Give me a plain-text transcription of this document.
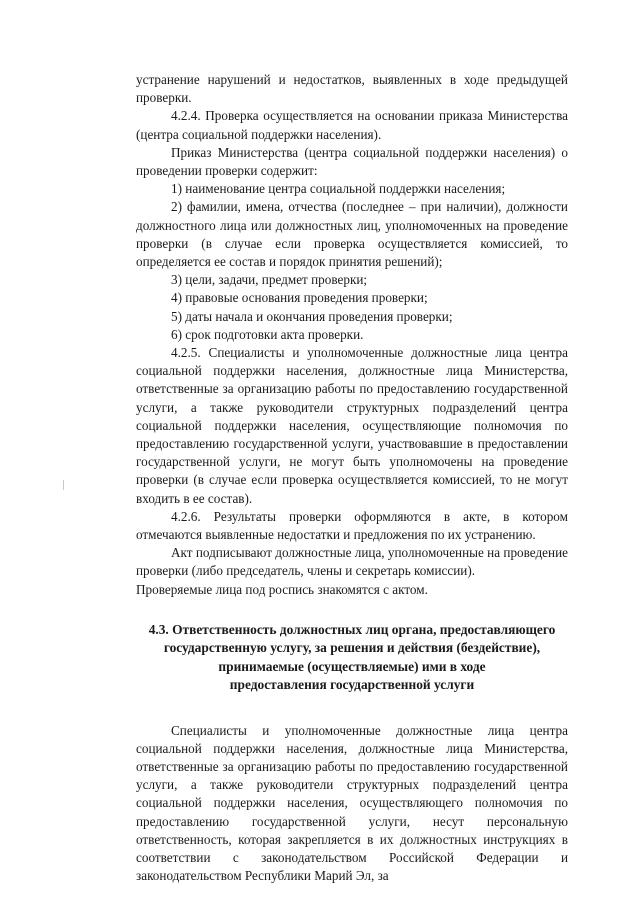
устранение нарушений и недостатков, выявленных в ходе предыдущей проверки.

4.2.4. Проверка осуществляется на основании приказа Министерства (центра социальной поддержки населения).

Приказ Министерства (центра социальной поддержки населения) о проведении проверки содержит:

1) наименование центра социальной поддержки населения;

2) фамилии, имена, отчества (последнее – при наличии), должности должностного лица или должностных лиц, уполномоченных на проведение проверки (в случае если проверка осуществляется комиссией, то определяется ее состав и порядок принятия решений);

3) цели, задачи, предмет проверки;

4) правовые основания проведения проверки;

5) даты начала и окончания проведения проверки;

6) срок подготовки акта проверки.

4.2.5. Специалисты и уполномоченные должностные лица центра социальной поддержки населения, должностные лица Министерства, ответственные за организацию работы по предоставлению государственной услуги, а также руководители структурных подразделений центра социальной поддержки населения, осуществляющие полномочия по предоставлению государственной услуги, участвовавшие в предоставлении государственной услуги, не могут быть уполномочены на проведение проверки (в случае если проверка осуществляется комиссией, то не могут входить в ее состав).

4.2.6. Результаты проверки оформляются в акте, в котором отмечаются выявленные недостатки и предложения по их устранению.

Акт подписывают должностные лица, уполномоченные на проведение проверки (либо председатель, члены и секретарь комиссии).

Проверяемые лица под роспись знакомятся с актом.

4.3. Ответственность должностных лиц органа, предоставляющего
государственную услугу, за решения и действия (бездействие),
принимаемые (осуществляемые) ими в ходе
предоставления государственной услуги

Специалисты и уполномоченные должностные лица центра социальной поддержки населения, должностные лица Министерства, ответственные за организацию работы по предоставлению государственной услуги, а также руководители структурных подразделений центра социальной поддержки населения, осуществляющего полномочия по предоставлению государственной услуги, несут персональную ответственность, которая закрепляется в их должностных инструкциях в соответствии с законодательством Российской Федерации и законодательством Республики Марий Эл, за
